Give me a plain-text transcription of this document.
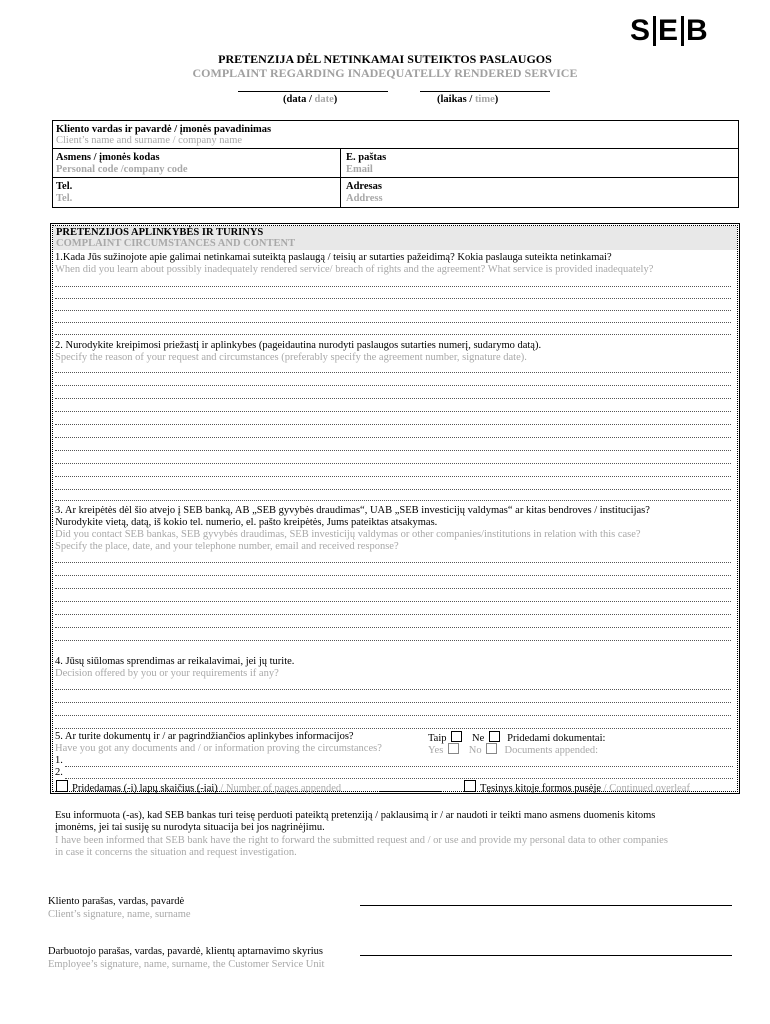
S E B
PRETENZIJA DĖL NETINKAMAI SUTEIKTOS PASLAUGOS
COMPLAINT REGARDING INADEQUATELLY RENDERED SERVICE
(data / date)	(laikas / time)
Kliento vardas ir pavardė / įmonės pavadinimas
Client’s name and surname / company name
Asmens / įmonės kodas
Personal code /company code
E. paštas
Email
Tel.
Tel.
Adresas
Address
PRETENZIJOS APLINKYBĖS IR TURINYS
COMPLAINT CIRCUMSTANCES AND CONTENT
1.Kada Jūs sužinojote apie galimai netinkamai suteiktą paslaugą / teisių ar sutarties pažeidimą? Kokia paslauga suteikta netinkamai?
When did you learn about possibly inadequately rendered service/ breach of rights and the agreement? What service is provided inadequately?
2. Nurodykite kreipimosi priežastį ir aplinkybes (pageidautina nurodyti paslaugos sutarties numerį, sudarymo datą).
Specify the reason of your request and circumstances (preferably specify the agreement number, signature date).
3. Ar kreipėtės dėl šio atvejo į SEB banką, AB „SEB gyvybės draudimas“, UAB „SEB investicijų valdymas“ ar kitas bendroves / institucijas?
Nurodykite vietą, datą, iš kokio tel. numerio, el. pašto kreipėtės, Jums pateiktas atsakymas.
Did you contact SEB bankas, SEB gyvybės draudimas, SEB investicijų valdymas or other companies/institutions in relation with this case?
Specify the place, date, and your telephone number, email and received response?
4. Jūsų siūlomas sprendimas ar reikalavimai, jei jų turite.
Decision offered by you or your requirements if any?
5. Ar turite dokumentų ir / ar pagrindžiančios aplinkybes informacijos?
Have you got any documents and / or information proving the circumstances?
Taip Ne Pridedami dokumentai:
Yes No Documents appended:
1.
2.
Pridedamas (-i) lapų skaičius (-iai) / Number of pages appended	Tęsinys kitoje formos pusėje / Continued overleaf
Esu informuota (-as), kad SEB bankas turi teisę perduoti pateiktą pretenziją / paklausimą ir / ar naudoti ir teikti mano asmens duomenis kitoms
įmonėms, jei tai susiję su nurodyta situacija bei jos nagrinėjimu.
I have been informed that SEB bank have the right to forward the submitted request and / or use and provide my personal data to other companies
in case it concerns the situation and request investigation.
Kliento parašas, vardas, pavardė
Client’s signature, name, surname
Darbuotojo parašas, vardas, pavardė, klientų aptarnavimo skyrius
Employee’s signature, name, surname, the Customer Service Unit
